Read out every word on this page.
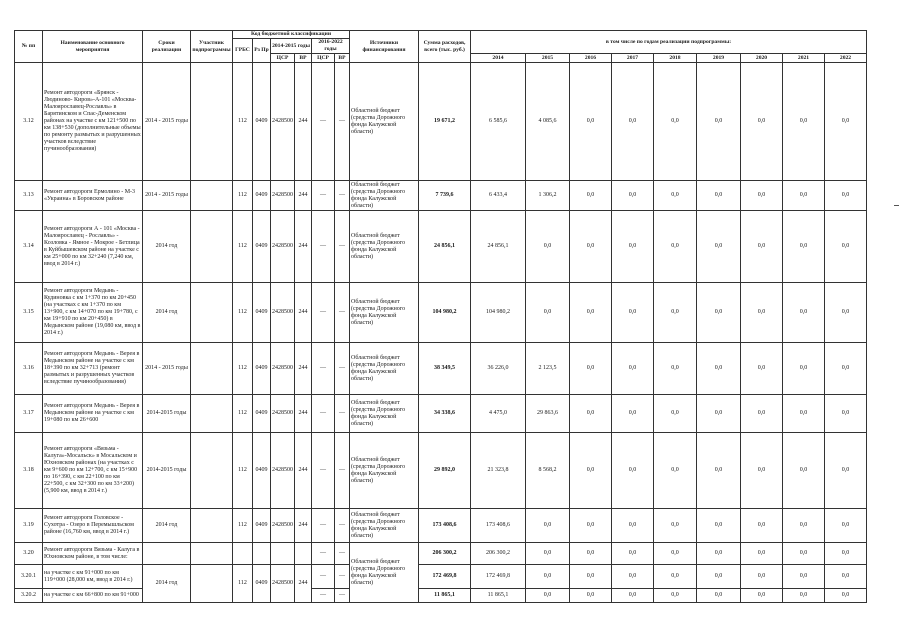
№ пп	Наименование основного мероприятия	Сроки реализации	Участник подпрограммы	Код бюджетной классификации						Источники финансирования	Сумма расходов, всего (тыс. руб.)	в том числе по годам реализации подпрограммы:								
				ГРБС	Рз Пр	2014-2015 годы		2016-2022 годы												
						ЦСР	ВР	ЦСР	ВР			2014	2015	2016	2017	2018	2019	2020	2021	2022
3.12	Ремонт автодороги «Брянск - Людиново- Киров»-А-101 «Москва-Малоярославец-Рославль» в Барятинском и Спас-Деменском районах на участке с км 121+500 по км 138+530 (дополнительные объемы по ремонту размытых и разрушенных участков вследствие пучинообразования)	2014 - 2015 годы		112	0409	2428500	244	—	—	Областной бюджет (средства Дорожного фонда Калужской области)	19 671,2	6 585,6	4 085,6	0,0	0,0	0,0	0,0	0,0	0,0	0,0
3.13	Ремонт автодороги Ермолино - М-3 «Украина» в Боровском районе	2014 - 2015 годы		112	0409	2428500	244	—	—	Областной бюджет (средства Дорожного фонда Калужской области)	7 739,6	6 433,4	1 306,2	0,0	0,0	0,0	0,0	0,0	0,0	0,0
3.14	Ремонт автодороги А - 101 «Москва - Малоярославец - Рославль» - Козловка - Ямное - Мокрое - Бетлица в Куйбышевском районе на участке с км 25+000 по км 32+240 (7,240 км, ввод в 2014 г.)	2014 год		112	0409	2428500	244	—	—	Областной бюджет (средства Дорожного фонда Калужской области)	24 856,1	24 856,1	0,0	0,0	0,0	0,0	0,0	0,0	0,0	0,0
3.15	Ремонт автодороги Медынь - Кудиновка с км 1+370 по км 20+450 (на участках с км 1+370 по км 13+900, с км 14+070 по км 19+780, с км 19+910 по км 20+450) в Медынском районе (19,080 км, ввод в 2014 г.)	2014 год		112	0409	2428500	244	—	—	Областной бюджет (средства Дорожного фонда Калужской области)	104 980,2	104 980,2	0,0	0,0	0,0	0,0	0,0	0,0	0,0	0,0
3.16	Ремонт автодороги Медынь - Верея в Медынском районе на участке с км 18+390 по км 32+713 (ремонт размытых и разрушенных участков вследствие пучинообразования)	2014 - 2015 годы		112	0409	2428500	244	—	—	Областной бюджет (средства Дорожного фонда Калужской области)	38 349,5	36 226,0	2 123,5	0,0	0,0	0,0	0,0	0,0	0,0	0,0
3.17	Ремонт автодороги Медынь - Верея в Медынском районе на участке с км 19+080 по км 26+600	2014-2015 годы		112	0409	2428500	244	—	—	Областной бюджет (средства Дорожного фонда Калужской области)	34 338,6	4 475,0	29 863,6	0,0	0,0	0,0	0,0	0,0	0,0	0,0
3.18	Ремонт автодороги «Вязьма - Калуга»-Мосальск» в Мосальском и Юхновском районах (на участках с км 9+600 по км 12+700, с км 15+900 по 16+390, с км 22+100 по км 22+500, с км 32+300 по км 33+200) (5,900 км, ввод в 2014 г.)	2014-2015 годы		112	0409	2428500	244	—	—	Областной бюджет (средства Дорожного фонда Калужской области)	29 892,0	21 323,8	8 568,2	0,0	0,0	0,0	0,0	0,0	0,0	0,0
3.19	Ремонт автодороги Головское - Сухотра - Озеро в Перемышльском районе (16,760 км, ввод в 2014 г.)	2014 год		112	0409	2428500	244	—	—	Областной бюджет (средства Дорожного фонда Калужской области)	173 408,6	173 408,6	0,0	0,0	0,0	0,0	0,0	0,0	0,0	0,0
3.20	Ремонт автодороги Вязьма - Калуга в Юхновском районе, в том числе:							—	—	Областной бюджет (средства Дорожного фонда Калужской области)	206 300,2	206 300,2	0,0	0,0	0,0	0,0	0,0	0,0	0,0	0,0
3.20.1	на участке с км 91+000 по км 119+000 (28,000 км, ввод в 2014 г.)	2014 год		112	0409	2428500	244	—	—		172 469,8	172 469,8	0,0	0,0	0,0	0,0	0,0	0,0	0,0	0,0
3.20.2	на участке с км 66+800 по км 91+000							—	—		11 865,1	11 865,1	0,0	0,0	0,0	0,0	0,0	0,0	0,0	0,0
